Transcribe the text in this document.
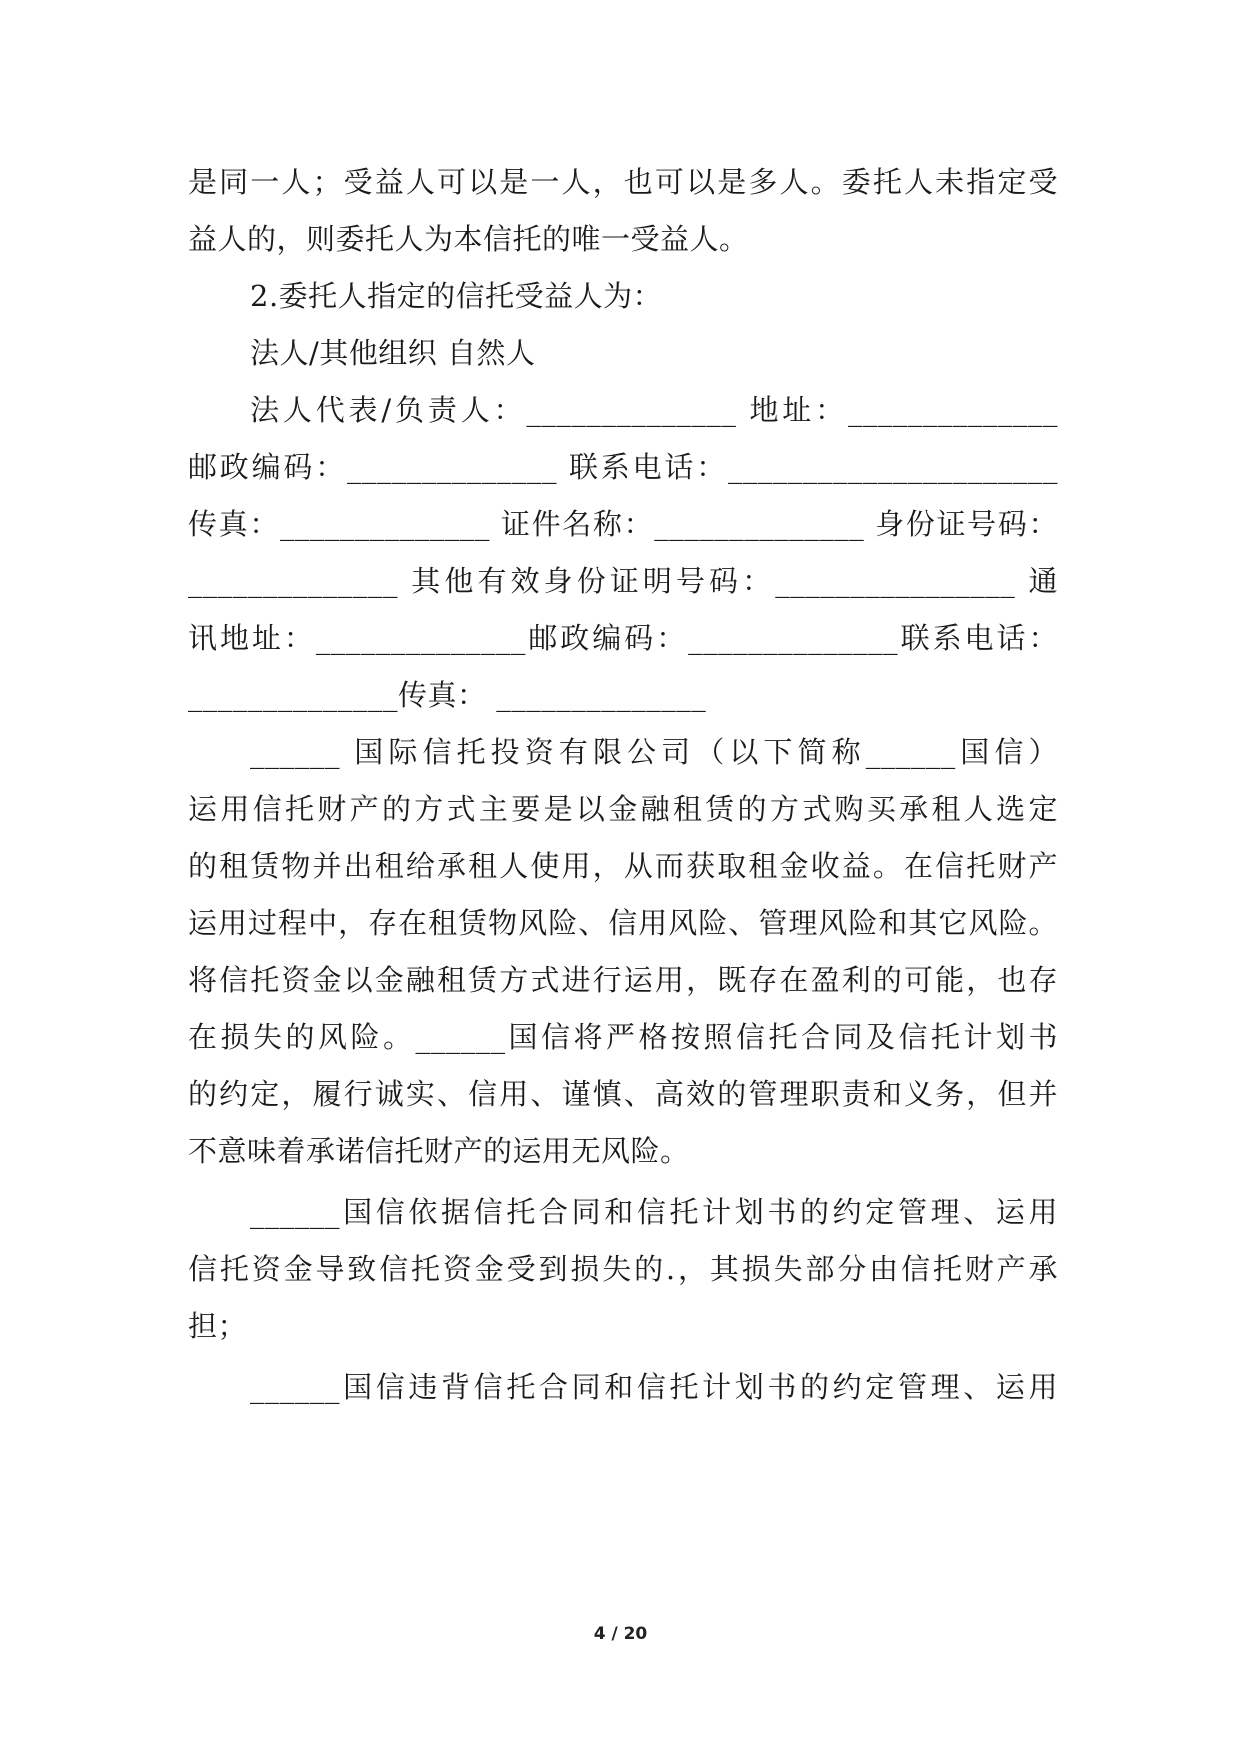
是同一人；受益人可以是一人，也可以是多人。委托人未指定受
益人的，则委托人为本信托的唯一受益人。
2.委托人指定的信托受益人为：
法人/其他组织 自然人
法人代表/负责人：______________ 地址：______________
邮政编码：______________ 联系电话：______________________
传真：______________ 证件名称：______________ 身份证号码：
______________ 其他有效身份证明号码：________________ 通
讯地址：______________邮政编码：______________联系电话：
______________传真： ______________
______ 国际信托投资有限公司（以下简称______国信）
运用信托财产的方式主要是以金融租赁的方式购买承租人选定
的租赁物并出租给承租人使用，从而获取租金收益。在信托财产
运用过程中，存在租赁物风险、信用风险、管理风险和其它风险。
将信托资金以金融租赁方式进行运用，既存在盈利的可能，也存
在损失的风险。______国信将严格按照信托合同及信托计划书
的约定，履行诚实、信用、谨慎、高效的管理职责和义务，但并
不意味着承诺信托财产的运用无风险。
______国信依据信托合同和信托计划书的约定管理、运用
信托资金导致信托资金受到损失的.，其损失部分由信托财产承
担；
______国信违背信托合同和信托计划书的约定管理、运用
4 / 20
